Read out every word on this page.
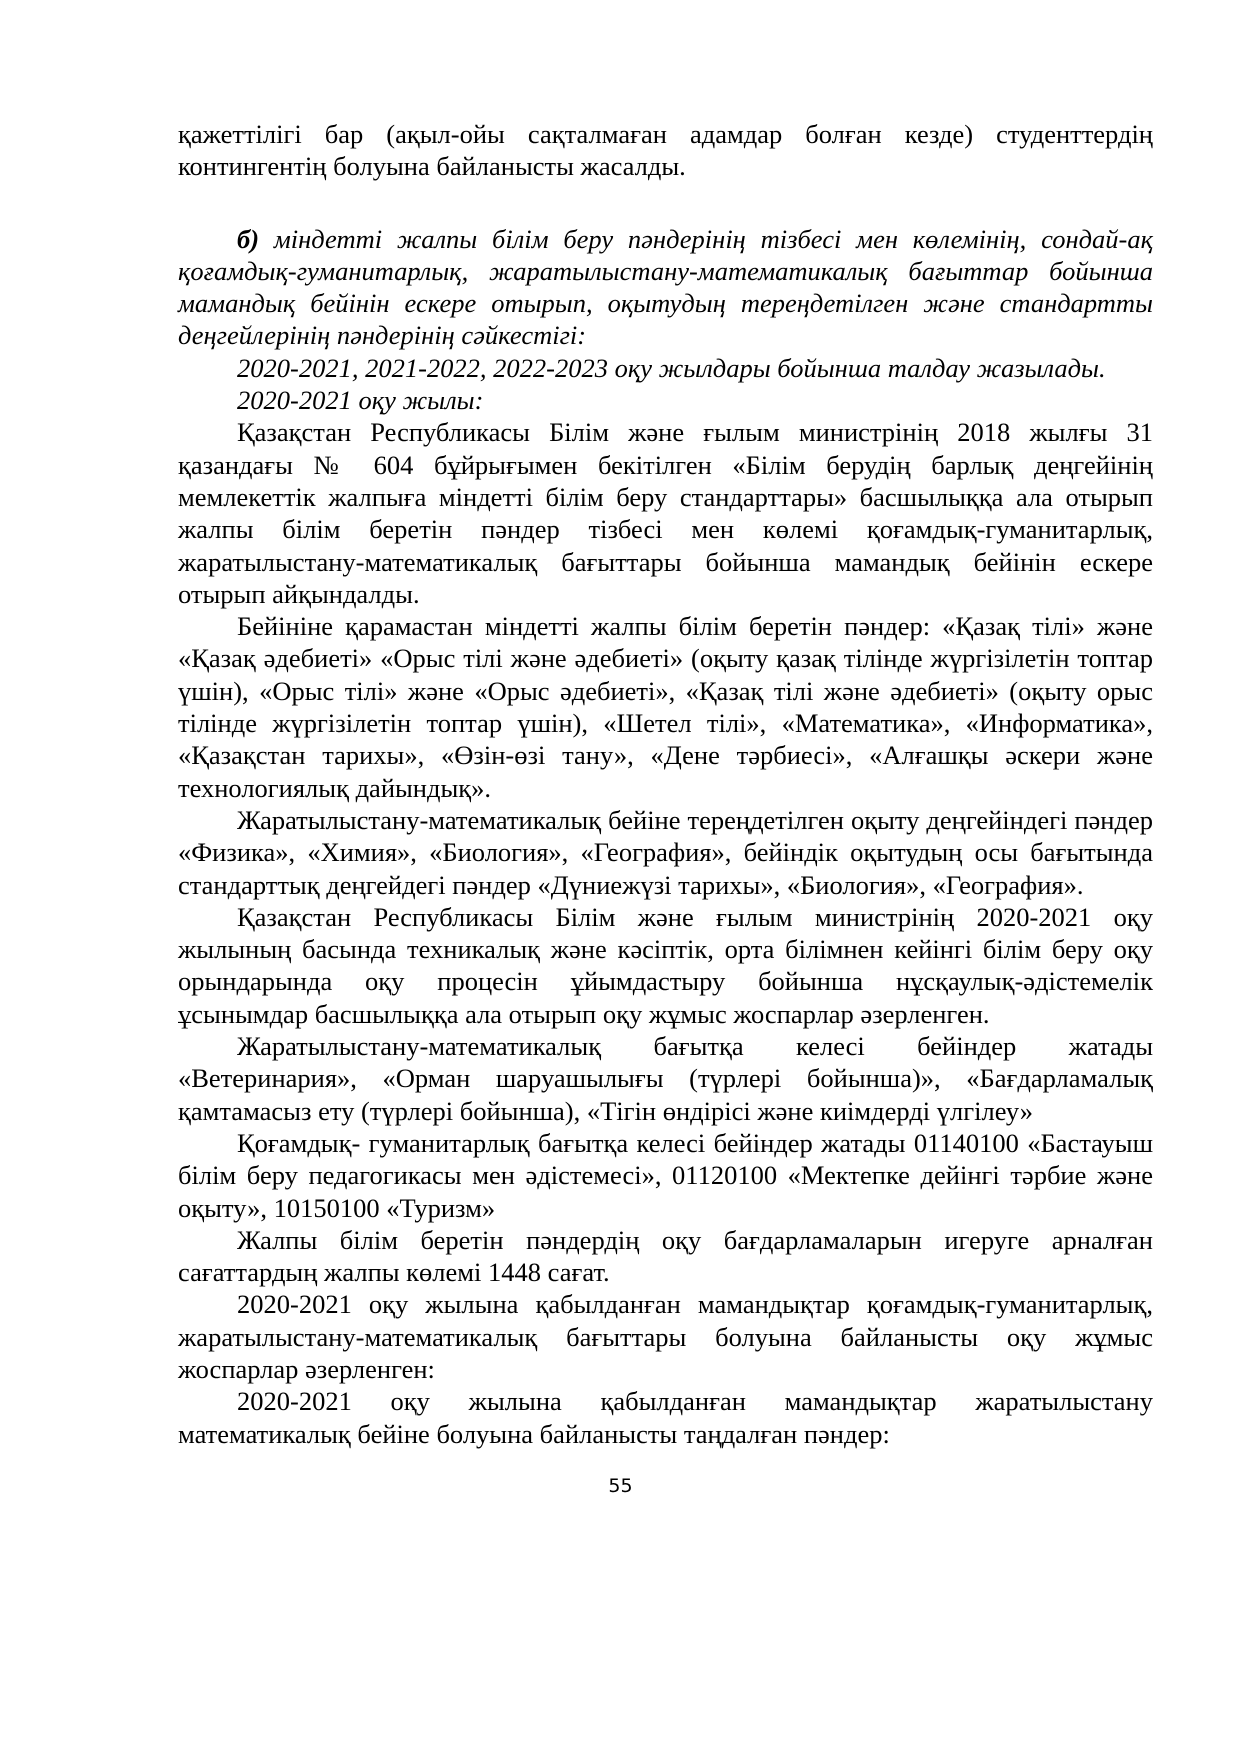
қажеттілігі бар (ақыл-ойы сақталмаған адамдар болған кезде) студенттердің контингентің болуына байланысты жасалды.

б) міндетті жалпы білім беру пәндерінің тізбесі мен көлемінің, сондай-ақ қоғамдық-гуманитарлық, жаратылыстану-математикалық бағыттар бойынша мамандық бейінін ескере отырып, оқытудың тереңдетілген және стандартты деңгейлерінің пәндерінің сәйкестігі:

2020-2021, 2021-2022, 2022-2023 оқу жылдары бойынша талдау жазылады.

2020-2021 оқу жылы:

Қазақстан Республикасы Білім және ғылым министрінің 2018 жылғы 31 қазандағы № 604 бұйрығымен бекітілген «Білім берудің барлық деңгейінің мемлекеттік жалпыға міндетті білім беру стандарттары» басшылыққа ала отырып жалпы білім беретін пәндер тізбесі мен көлемі қоғамдық-гуманитарлық, жаратылыстану-математикалық бағыттары бойынша мамандық бейінін ескере отырып айқындалды.

Бейініне қарамастан міндетті жалпы білім беретін пәндер: «Қазақ тілі» және «Қазақ әдебиеті» «Орыс тілі және әдебиеті» (оқыту қазақ тілінде жүргізілетін топтар үшін), «Орыс тілі» және «Орыс әдебиеті», «Қазақ тілі және әдебиеті» (оқыту орыс тілінде жүргізілетін топтар үшін), «Шетел тілі», «Математика», «Информатика», «Қазақстан тарихы», «Өзін-өзі тану», «Дене тәрбиесі», «Алғашқы әскери және технологиялық дайындық».

Жаратылыстану-математикалық бейіне тереңдетілген оқыту деңгейіндегі пәндер «Физика», «Химия», «Биология», «География», бейіндік оқытудың осы бағытында стандарттық деңгейдегі пәндер «Дүниежүзі тарихы», «Биология», «География».

Қазақстан Республикасы Білім және ғылым министрінің 2020-2021 оқу жылының басында техникалық және кәсіптік, орта білімнен кейінгі білім беру оқу орындарында оқу процесін ұйымдастыру бойынша нұсқаулық-әдістемелік ұсынымдар басшылыққа ала отырып оқу жұмыс жоспарлар әзерленген.

Жаратылыстану-математикалық бағытқа келесі бейіндер жатады «Ветеринария», «Орман шаруашылығы (түрлері бойынша)», «Бағдарламалық қамтамасыз ету (түрлері бойынша), «Тігін өндірісі және киімдерді үлгілеу»

Қоғамдық- гуманитарлық бағытқа келесі бейіндер жатады 01140100 «Бастауыш білім беру педагогикасы мен әдістемесі», 01120100 «Мектепке дейінгі тәрбие және оқыту», 10150100 «Туризм»

Жалпы білім беретін пәндердің оқу бағдарламаларын игеруге арналған сағаттардың жалпы көлемі 1448 сағат.

2020-2021 оқу жылына қабылданған мамандықтар қоғамдық-гуманитарлық, жаратылыстану-математикалық бағыттары болуына байланысты оқу жұмыс жоспарлар әзерленген:

2020-2021 оқу жылына қабылданған мамандықтар жаратылыстану математикалық бейіне болуына байланысты таңдалған пәндер:

55
